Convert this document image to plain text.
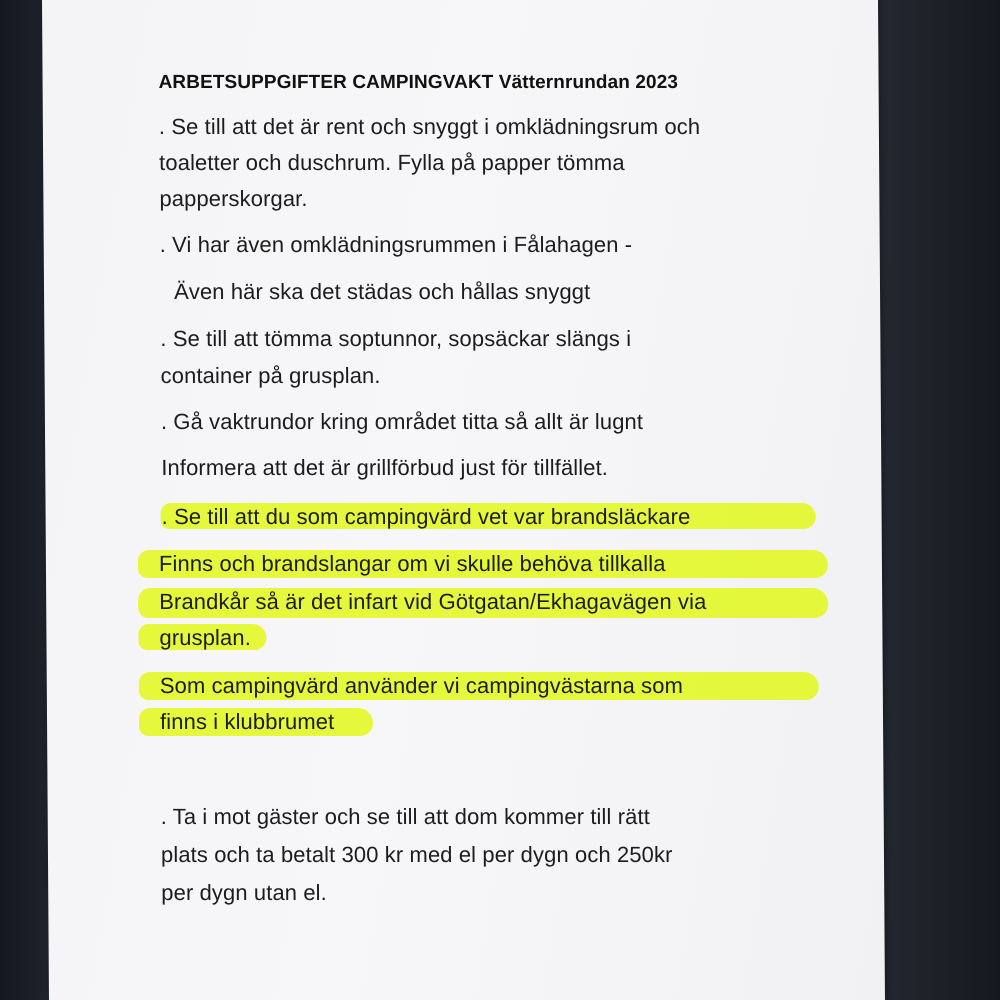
ARBETSUPPGIFTER CAMPINGVAKT Vätternrundan 2023
. Se till att det är rent och snyggt i omklädningsrum och
toaletter och duschrum. Fylla på papper tömma
papperskorgar.
. Vi har även omklädningsrummen i Fålahagen -
Även här ska det städas och hållas snyggt
. Se till att tömma soptunnor, sopsäckar slängs i
container på grusplan.
. Gå vaktrundor kring området titta så allt är lugnt
Informera att det är grillförbud just för tillfället.
. Se till att du som campingvärd vet var brandsläckare
Finns och brandslangar om vi skulle behöva tillkalla
Brandkår så är det infart vid Götgatan/Ekhagavägen via
grusplan.
Som campingvärd använder vi campingvästarna som
finns i klubbrumet
. Ta i mot gäster och se till att dom kommer till rätt
plats och ta betalt 300 kr med el per dygn och 250kr
per dygn utan el.
